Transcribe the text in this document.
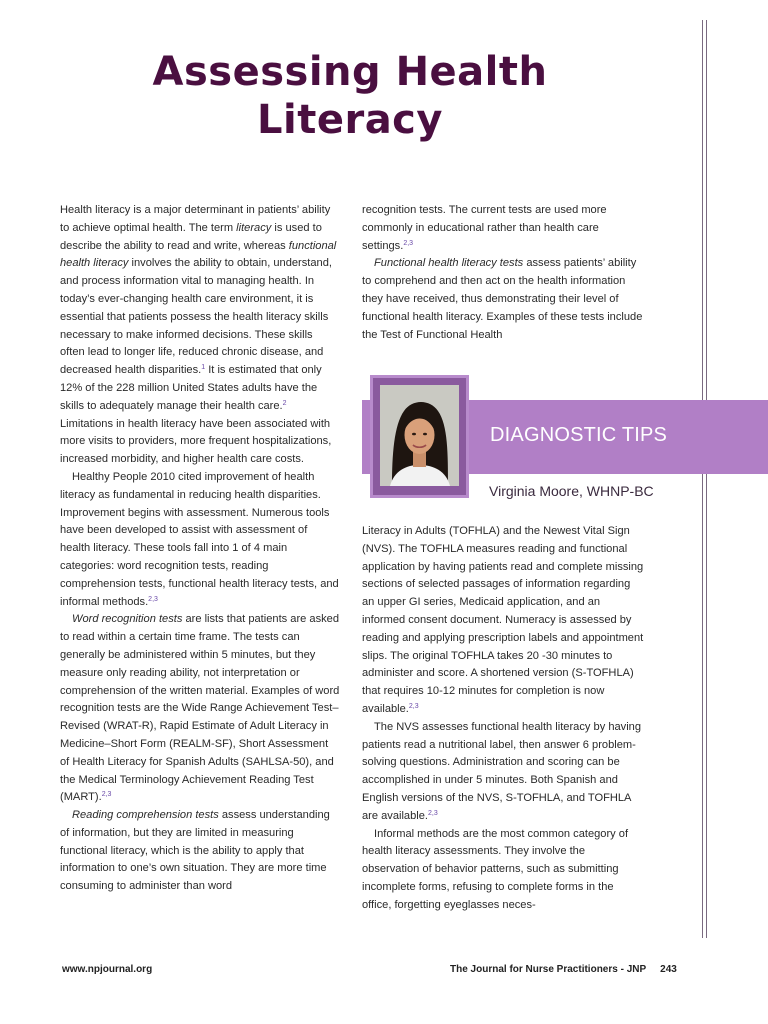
Assessing Health Literacy

Health literacy is a major determinant in patients’ ability to achieve optimal health. The term literacy is used to describe the ability to read and write, whereas functional health literacy involves the ability to obtain, understand, and process information vital to managing health. In today’s ever-changing health care environment, it is essential that patients possess the health literacy skills necessary to make informed decisions. These skills often lead to longer life, reduced chronic disease, and decreased health disparities.$^1$ It is estimated that only 12% of the 228 million United States adults have the skills to adequately manage their health care.$^2$ Limitations in health literacy have been associated with more visits to providers, more frequent hospitalizations, increased morbidity, and higher health care costs.

Healthy People 2010 cited improvement of health literacy as fundamental in reducing health disparities. Improvement begins with assessment. Numerous tools have been developed to assist with assessment of health literacy. These tools fall into 1 of 4 main categories: word recognition tests, reading comprehension tests, functional health literacy tests, and informal methods.$^{2,3}$

Word recognition tests are lists that patients are asked to read within a certain time frame. The tests can generally be administered within 5 minutes, but they measure only reading ability, not interpretation or comprehension of the written material. Examples of word recognition tests are the Wide Range Achievement Test–Revised (WRAT-R), Rapid Estimate of Adult Literacy in Medicine–Short Form (REALM-SF), Short Assessment of Health Literacy for Spanish Adults (SAHLSA-50), and the Medical Terminology Achievement Reading Test (MART).$^{2,3}$

Reading comprehension tests assess understanding of information, but they are limited in measuring functional literacy, which is the ability to apply that information to one’s own situation. They are more time consuming to administer than word

recognition tests. The current tests are used more commonly in educational rather than health care settings.$^{2,3}$

Functional health literacy tests assess patients’ ability to comprehend and then act on the health information they have received, thus demonstrating their level of functional health literacy. Examples of these tests include the Test of Functional Health

DIAGNOSTIC TIPS
Virginia Moore, WHNP-BC

Literacy in Adults (TOFHLA) and the Newest Vital Sign (NVS). The TOFHLA measures reading and functional application by having patients read and complete missing sections of selected passages of information regarding an upper GI series, Medicaid application, and an informed consent document. Numeracy is assessed by reading and applying prescription labels and appointment slips. The original TOFHLA takes 20 -30 minutes to administer and score. A shortened version (S-TOFHLA) that requires 10-12 minutes for completion is now available.$^{2,3}$

The NVS assesses functional health literacy by having patients read a nutritional label, then answer 6 problem-solving questions. Administration and scoring can be accomplished in under 5 minutes. Both Spanish and English versions of the NVS, S-TOFHLA, and TOFHLA are available.$^{2,3}$

Informal methods are the most common category of health literacy assessments. They involve the observation of behavior patterns, such as submitting incomplete forms, refusing to complete forms in the office, forgetting eyeglasses neces-

www.npjournal.org	The Journal for Nurse Practitioners - JNP 243
